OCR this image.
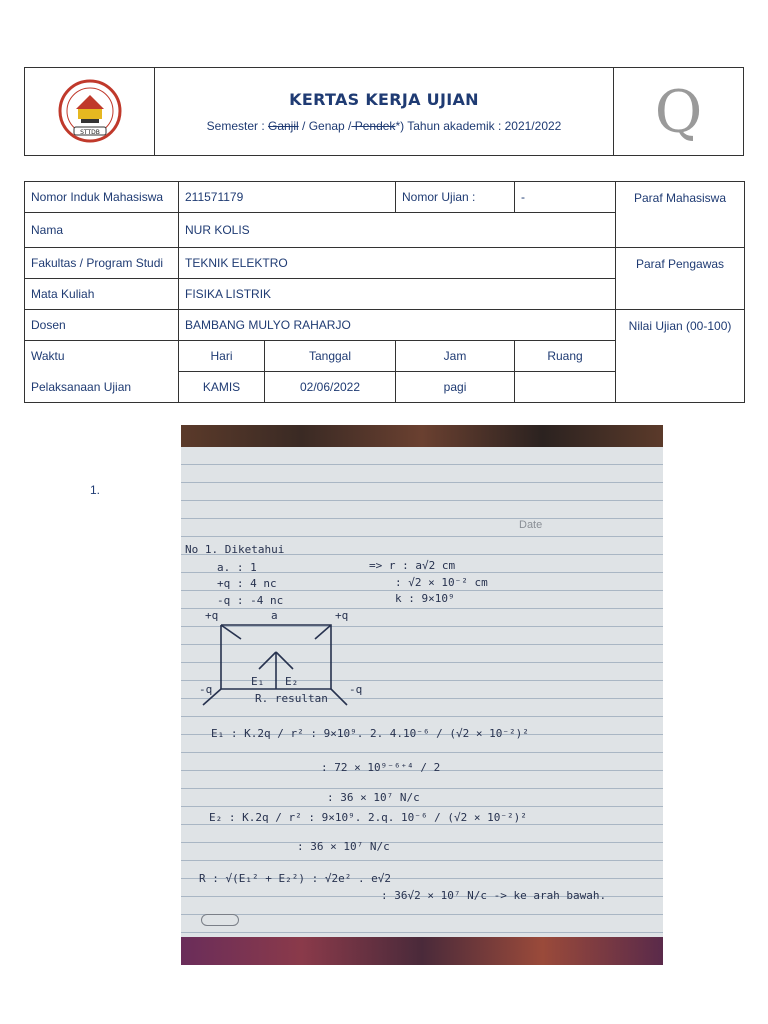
STTDB
KERTAS KERJA UJIAN
Semester : Ganjil / Genap / Pendek*) Tahun akademik : 2021/2022 Q
Nomor Induk Mahasiswa	211571179		Nomor Ujian :	-	Paraf Mahasiswa
Nama	NUR KOLIS				
Fakultas / Program Studi	TEKNIK ELEKTRO				Paraf Pengawas
Mata Kuliah	FISIKA LISTRIK				
Dosen	BAMBANG MULYO RAHARJO				Nilai Ujian (00-100)
Waktu	Hari	Tanggal	Jam	Ruang	
Pelaksanaan Ujian	KAMIS	02/06/2022	pagi		
1.
Date
No 1. Diketahui
a. : 1
+q : 4 nc
-q : -4 nc
=> r : a√2 cm
: √2 × 10⁻² cm
k : 9×10⁹
+q	+q
-q	-q
a
E₁ E₂
R. resultan
E₁ : K.2q / r² : 9×10⁹. 2. 4.10⁻⁶ / (√2 × 10⁻²)²
: 72 × 10⁹⁻⁶⁺⁴ / 2
: 36 × 10⁷ N/c
E₂ : K.2q / r² : 9×10⁹. 2.q. 10⁻⁶ / (√2 × 10⁻²)²
: 36 × 10⁷ N/c
R : √(E₁² + E₂²) : √2e² . e√2
: 36√2 × 10⁷ N/c -> ke arah bawah.
